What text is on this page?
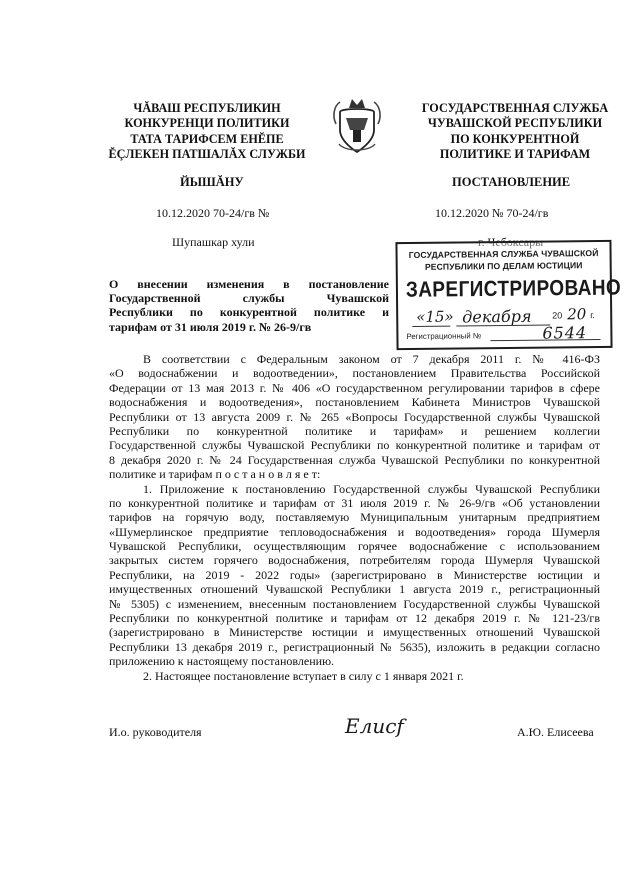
ЧĂВАШ РЕСПУБЛИКИН
КОНКУРЕНЦИ ПОЛИТИКИ
ТАТА ТАРИФСЕМ ЕНĔПЕ
ĔÇЛЕКЕН ПАТШАЛĂХ СЛУЖБИ
ГОСУДАРСТВЕННАЯ СЛУЖБА
ЧУВАШСКОЙ РЕСПУБЛИКИ
ПО КОНКУРЕНТНОЙ
ПОЛИТИКЕ И ТАРИФАМ
ЙЫШĂНУ	ПОСТАНОВЛЕНИЕ
10.12.2020 70-24/гв №	10.12.2020 № 70-24/гв
Шупашкар хули	г. Чебоксары
О внесении изменения в постановление
Государственной службы Чувашской
Республики по конкурентной политике и
тарифам от 31 июля 2019 г. № 26-9/гв
ГОСУДАРСТВЕННАЯ СЛУЖБА ЧУВАШСКОЙ
РЕСПУБЛИКИ ПО ДЕЛАМ ЮСТИЦИИ
ЗАРЕГИСТРИРОВАНО
«15» декабря 20 20 г.
Регистрационный №	6544
В соответствии с Федеральным законом от 7 декабря 2011 г. № 416-ФЗ
«О водоснабжении и водоотведении», постановлением Правительства Российской
Федерации от 13 мая 2013 г. № 406 «О государственном регулировании тарифов в сфере
водоснабжения и водоотведения», постановлением Кабинета Министров Чувашской
Республики от 13 августа 2009 г. № 265 «Вопросы Государственной службы Чувашской
Республики по конкурентной политике и тарифам» и решением коллегии
Государственной службы Чувашской Республики по конкурентной политике и тарифам от
8 декабря 2020 г. № 24 Государственная служба Чувашской Республики по конкурентной
политике и тарифам п о с т а н о в л я е т:
1. Приложение к постановлению Государственной службы Чувашской Республики
по конкурентной политике и тарифам от 31 июля 2019 г. № 26-9/гв «Об установлении
тарифов на горячую воду, поставляемую Муниципальным унитарным предприятием
«Шумерлинское предприятие тепловодоснабжения и водоотведения» города Шумерля
Чувашской Республики, осуществляющим горячее водоснабжение с использованием
закрытых систем горячего водоснабжения, потребителям города Шумерля Чувашской
Республики, на 2019 - 2022 годы» (зарегистрировано в Министерстве юстиции и
имущественных отношений Чувашской Республики 1 августа 2019 г., регистрационный
№ 5305) с изменением, внесенным постановлением Государственной службы Чувашской
Республики по конкурентной политике и тарифам от 12 декабря 2019 г. № 121-23/гв
(зарегистрировано в Министерстве юстиции и имущественных отношений Чувашской
Республики 13 декабря 2019 г., регистрационный № 5635), изложить в редакции согласно
приложению к настоящему постановлению.
2. Настоящее постановление вступает в силу с 1 января 2021 г.
И.о. руководителя	Елисf	А.Ю. Елисеева
